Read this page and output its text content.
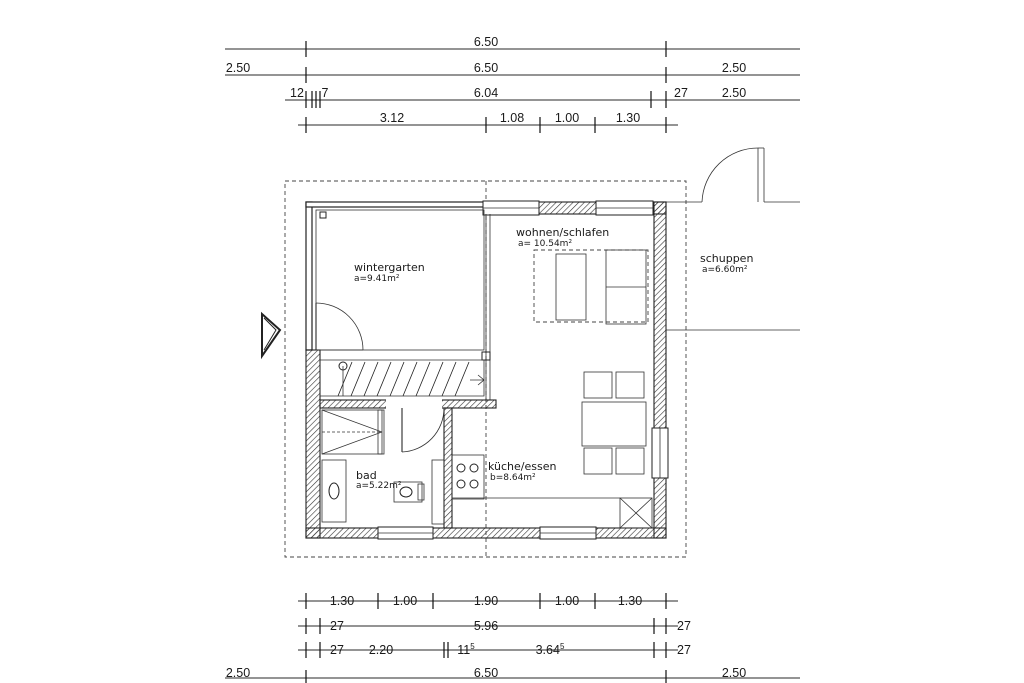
6.50
2.50	6.50	2.50
12 7	6.04	27	2.50
3.12	1.08 1.00	1.30
wintergarten
a=9.41m²
wohnen/schlafen
a= 10.54m²
schuppen
a=6.60m²
bad
a=5.22m²
küche/essen
b=8.64m²
1.30	1.00	1.90	1.00	1.30
27	5.96	27
27 2.20	$11^5$	3.64$^5$	27
2.50	6.50	2.50
